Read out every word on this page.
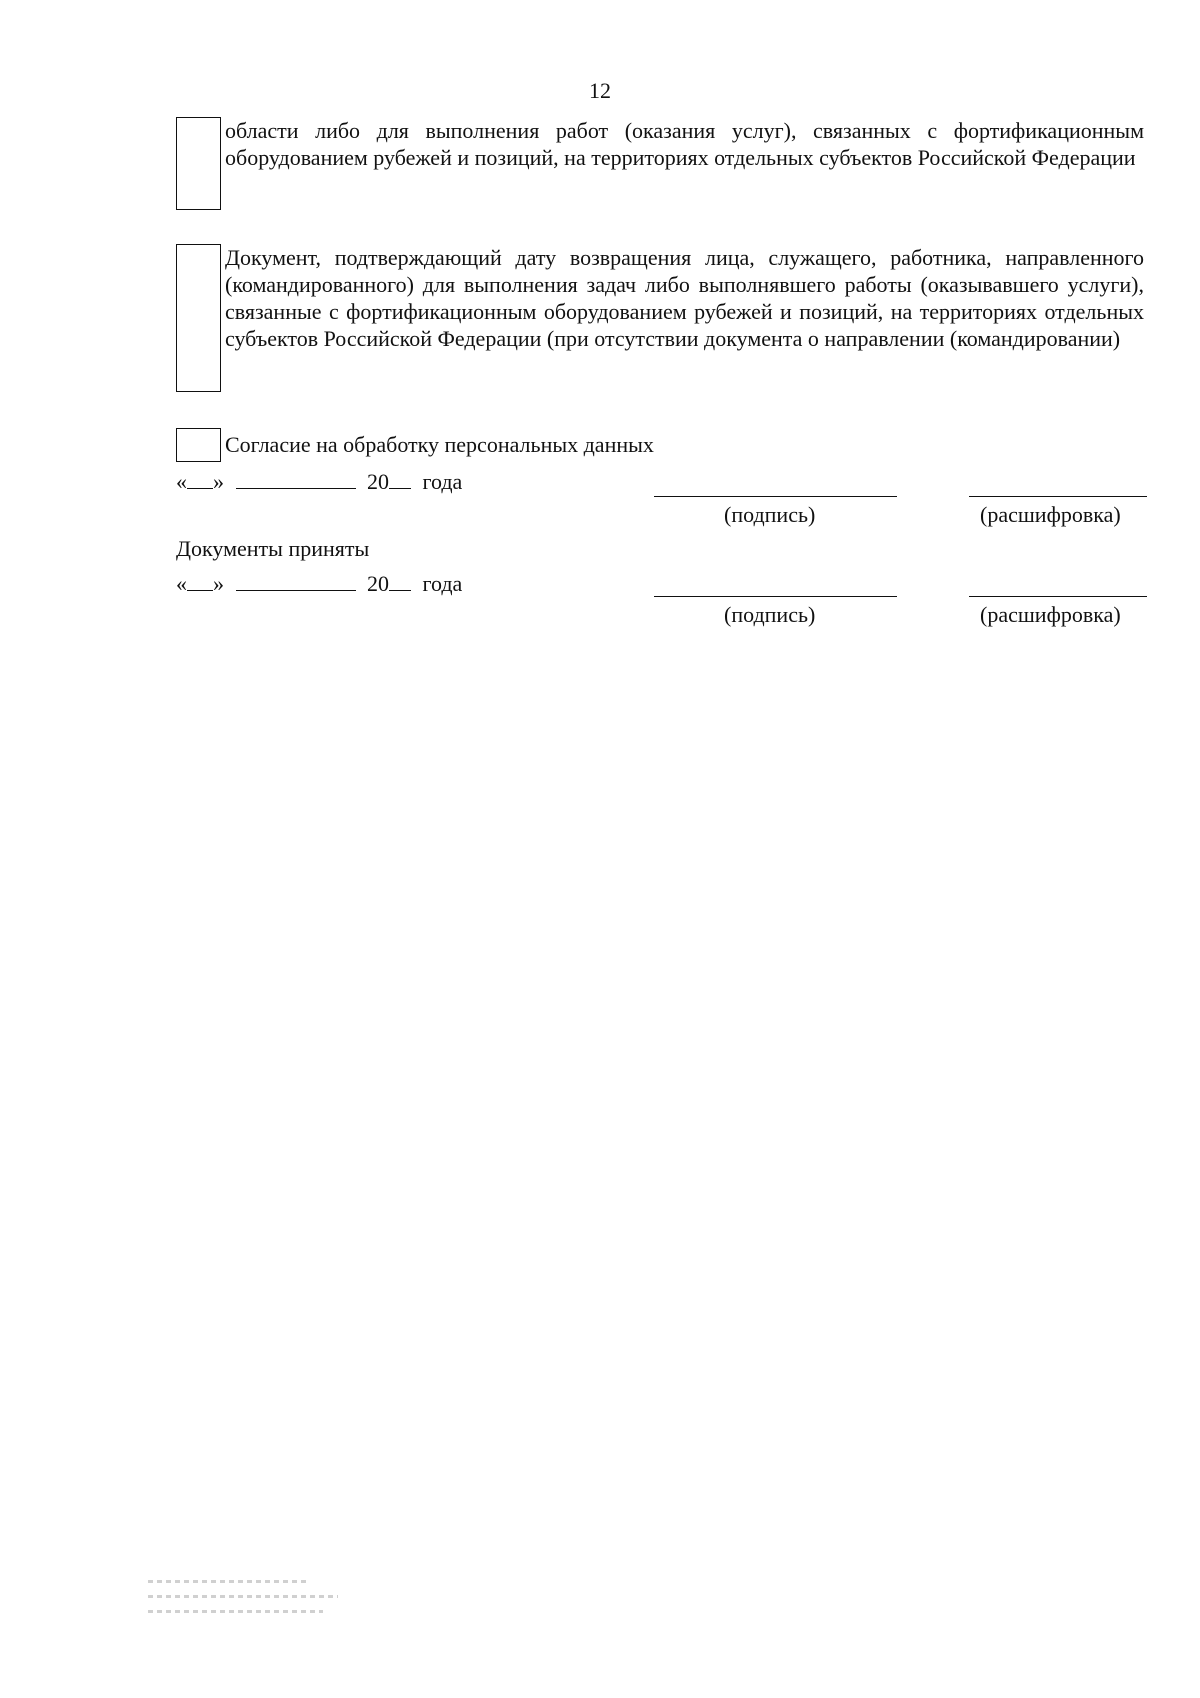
12
области либо для выполнения работ (оказания услуг), связанных с фортификационным оборудованием рубежей и позиций, на территориях отдельных субъектов Российской Федерации
Документ, подтверждающий дату возвращения лица, служащего, работника, направленного (командированного) для выполнения задач либо выполнявшего работы (оказывавшего услуги), связанные с фортификационным оборудованием рубежей и позиций, на территориях отдельных субъектов Российской Федерации (при отсутствии документа о направлении (командировании)
Согласие на обработку персональных данных
« »	20 года
(подпись)	(расшифровка)
Документы приняты
« »	20 года
(подпись)	(расшифровка)
